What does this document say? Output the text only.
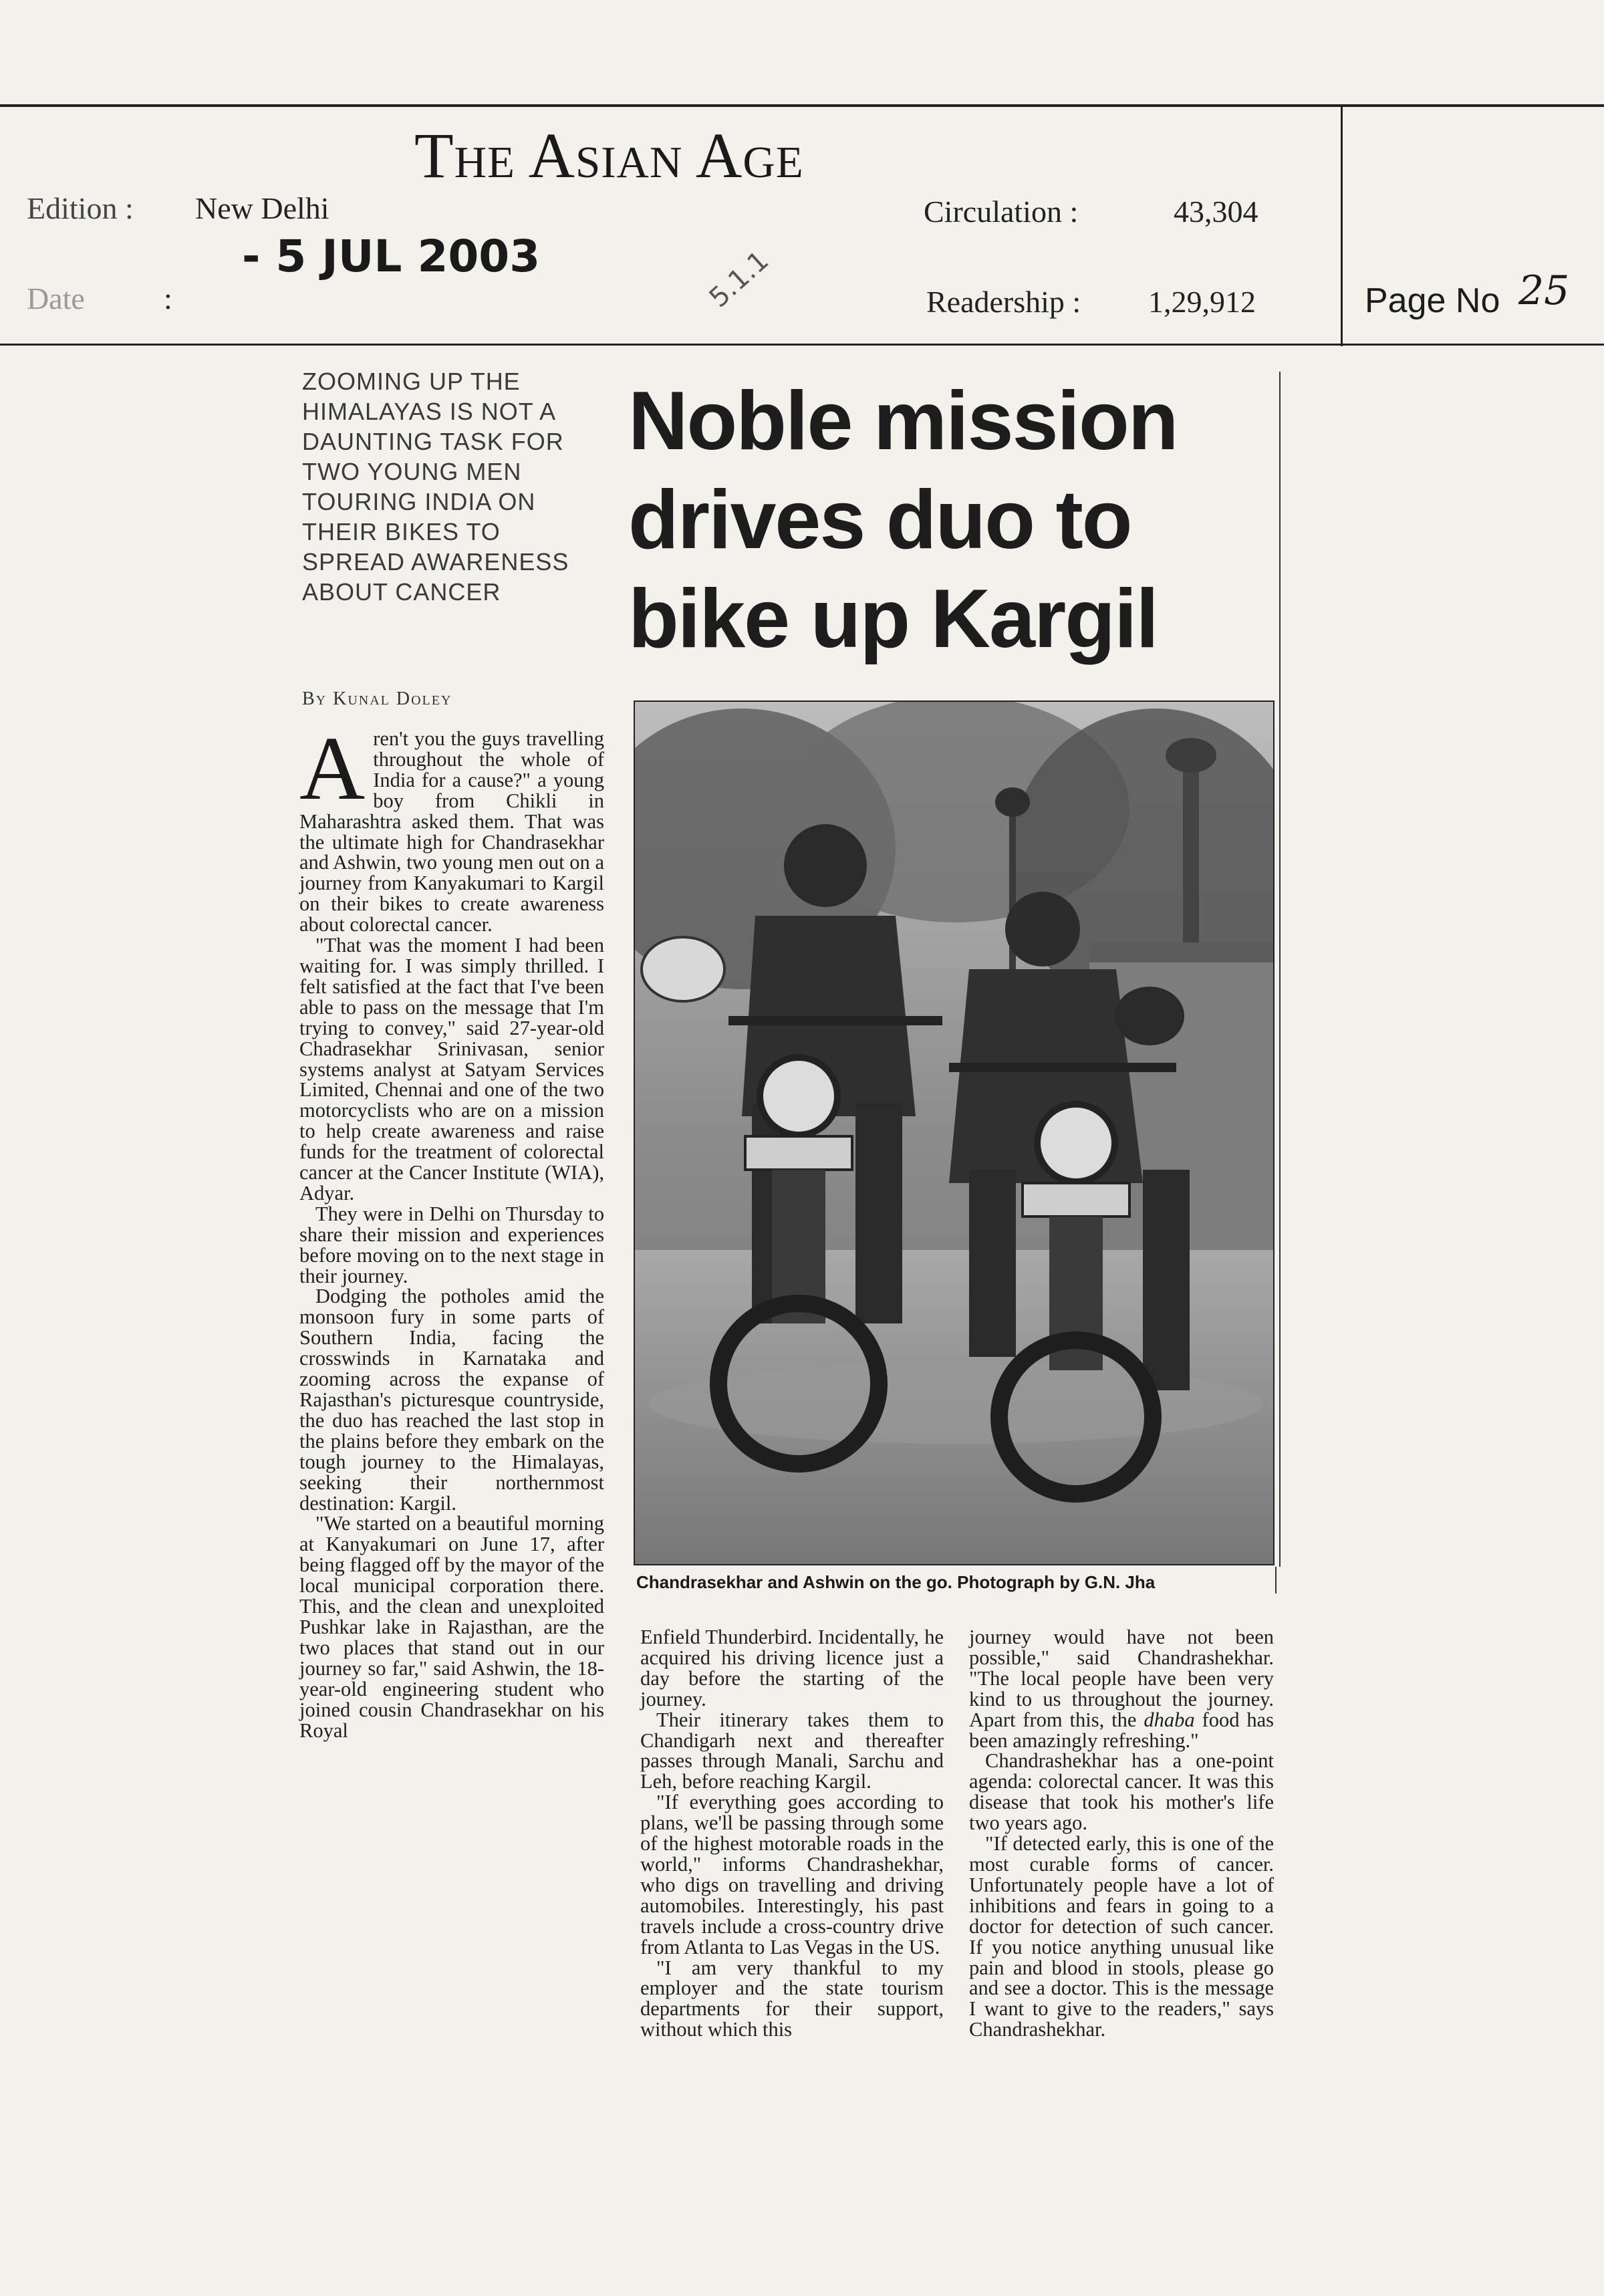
The Asian Age
Edition : New Delhi
- 5 JUL 2003
Date	:
Circulation :	43,304
5.1.1	Readership : 1,29,912	Page No 25

ZOOMING UP THE HIMALAYAS IS NOT A DAUNTING TASK FOR TWO YOUNG MEN TOURING INDIA ON THEIR BIKES TO SPREAD AWARENESS ABOUT CANCER

Noble mission
drives duo to
bike up Kargil
By Kunal Doley
Chandrasekhar and Ashwin on the go. Photograph by G.N. Jha

Aren't you the guys travelling throughout the whole of India for a cause?" a young boy from Chikli in Maharashtra asked them. That was the ultimate high for Chandrasekhar and Ashwin, two young men out on a journey from Kanyakumari to Kargil on their bikes to create awareness about colorectal cancer.

"That was the moment I had been waiting for. I was simply thrilled. I felt satisfied at the fact that I've been able to pass on the message that I'm trying to convey," said 27-year-old Chadrasekhar Srinivasan, senior systems analyst at Satyam Services Limited, Chennai and one of the two motorcyclists who are on a mission to help create awareness and raise funds for the treatment of colorectal cancer at the Cancer Institute (WIA), Adyar.

They were in Delhi on Thursday to share their mission and experiences before moving on to the next stage in their journey.

Dodging the potholes amid the monsoon fury in some parts of Southern India, facing the crosswinds in Karnataka and zooming across the expanse of Rajasthan's picturesque countryside, the duo has reached the last stop in the plains before they embark on the tough journey to the Himalayas, seeking their northernmost destination: Kargil.

"We started on a beautiful morning at Kanyakumari on June 17, after being flagged off by the mayor of the local municipal corporation there. This, and the clean and unexploited Pushkar lake in Rajasthan, are the two places that stand out in our journey so far," said Ashwin, the 18-year-old engineering student who joined cousin Chandrasekhar on his Royal

Enfield Thunderbird. Incidentally, he acquired his driving licence just a day before the starting of the journey.

Their itinerary takes them to Chandigarh next and thereafter passes through Manali, Sarchu and Leh, before reaching Kargil.

"If everything goes according to plans, we'll be passing through some of the highest motorable roads in the world," informs Chandrashekhar, who digs on travelling and driving automobiles. Interestingly, his past travels include a cross-country drive from Atlanta to Las Vegas in the US.

"I am very thankful to my employer and the state tourism departments for their support, without which this

journey would have not been possible," said Chandrashekhar. "The local people have been very kind to us throughout the journey. Apart from this, the dhaba food has been amazingly refreshing."

Chandrashekhar has a one-point agenda: colorectal cancer. It was this disease that took his mother's life two years ago.

"If detected early, this is one of the most curable forms of cancer. Unfortunately people have a lot of inhibitions and fears in going to a doctor for detection of such cancer. If you notice anything unusual like pain and blood in stools, please go and see a doctor. This is the message I want to give to the readers," says Chandrashekhar.
